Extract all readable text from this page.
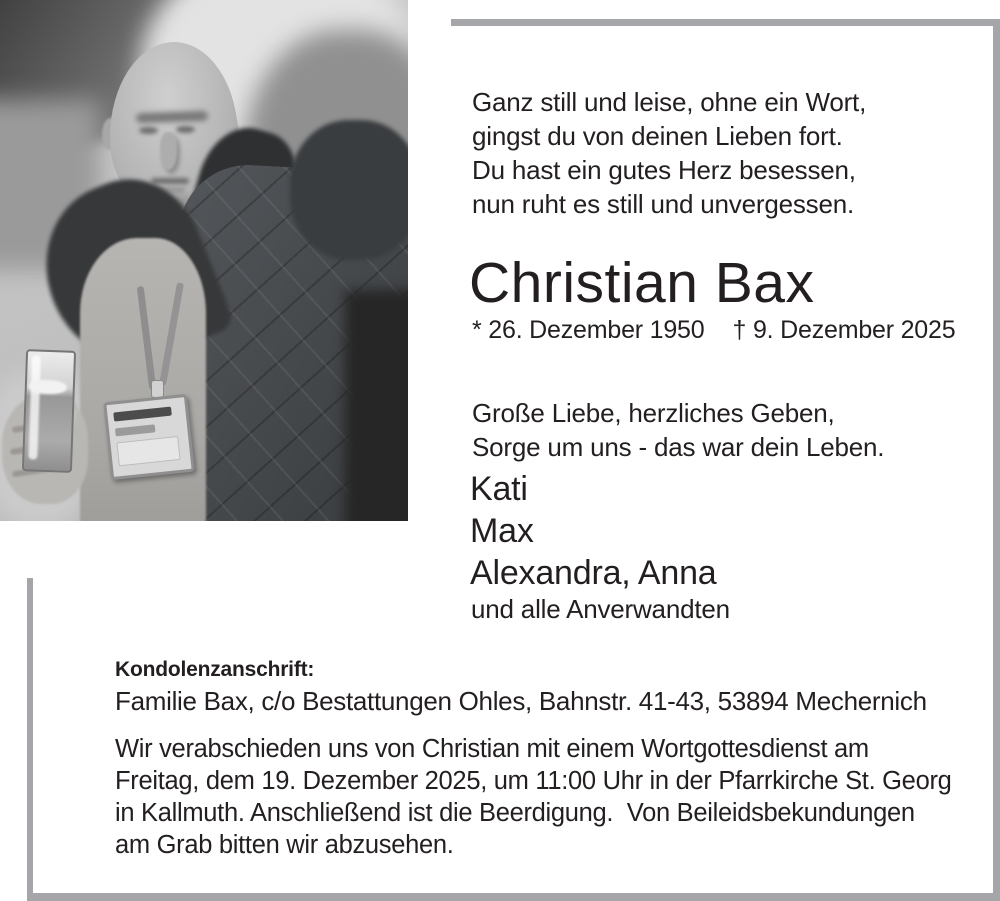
Ganz still und leise, ohne ein Wort,
gingst du von deinen Lieben fort.
Du hast ein gutes Herz besessen,
nun ruht es still und unvergessen.
Christian Bax
* 26. Dezember 1950 † 9. Dezember 2025
Große Liebe, herzliches Geben,
Sorge um uns - das war dein Leben.
Kati
Max
Alexandra, Anna
und alle Anverwandten
Kondolenzanschrift:
Familie Bax, c/o Bestattungen Ohles, Bahnstr. 41-43, 53894 Mechernich
Wir verabschieden uns von Christian mit einem Wortgottesdienst am
Freitag, dem 19. Dezember 2025, um 11:00 Uhr in der Pfarrkirche St. Georg
in Kallmuth. Anschließend ist die Beerdigung.  Von Beileidsbekundungen
am Grab bitten wir abzusehen.
